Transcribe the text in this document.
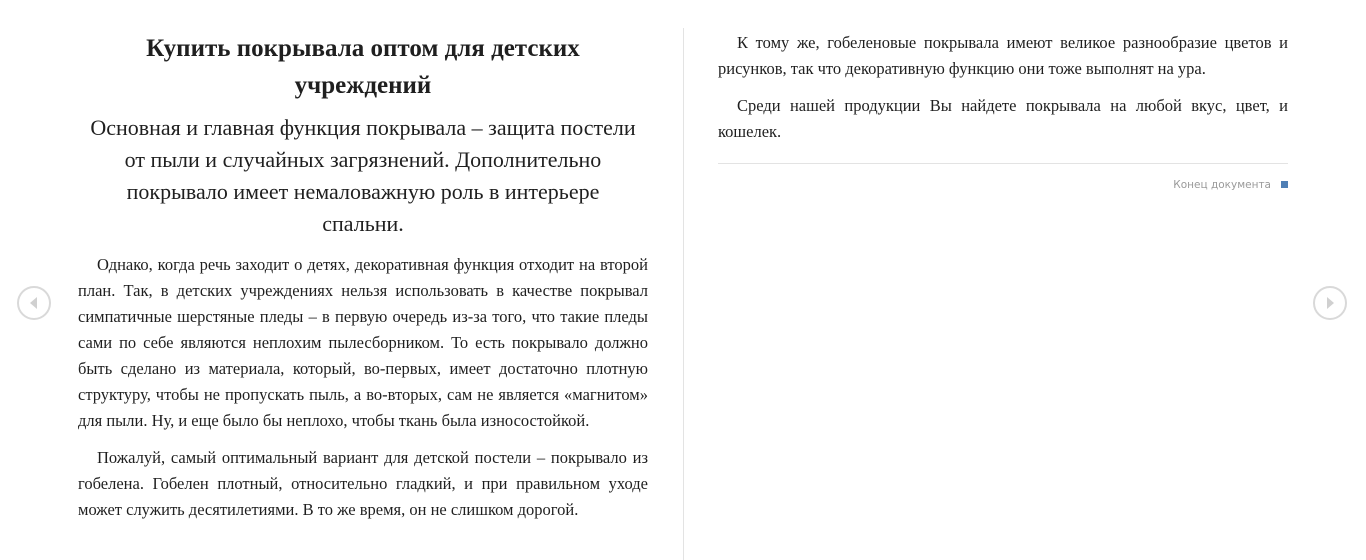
Купить покрывала оптом для детских учреждений
Основная и главная функция покрывала – защита постели от пыли и случайных загрязнений. Дополнительно покрывало имеет немаловажную роль в интерьере спальни.

Однако, когда речь заходит о детях, декоративная функция отходит на второй план. Так, в детских учреждениях нельзя использовать в качестве покрывал симпатичные шерстяные пледы – в первую очередь из-за того, что такие пледы сами по себе являются неплохим пылесборником. То есть покрывало должно быть сделано из материала, который, во-первых, имеет достаточно плотную структуру, чтобы не пропускать пыль, а во-вторых, сам не является «магнитом» для пыли. Ну, и еще было бы неплохо, чтобы ткань была износостойкой.

Пожалуй, самый оптимальный вариант для детской постели – покрывало из гобелена. Гобелен плотный, относительно гладкий, и при правильном уходе может служить десятилетиями. В то же время, он не слишком дорогой.

К тому же, гобеленовые покрывала имеют великое разнообразие цветов и рисунков, так что декоративную функцию они тоже выполнят на ура.

Среди нашей продукции Вы найдете покрывала на любой вкус, цвет, и кошелек.

Конец документа
